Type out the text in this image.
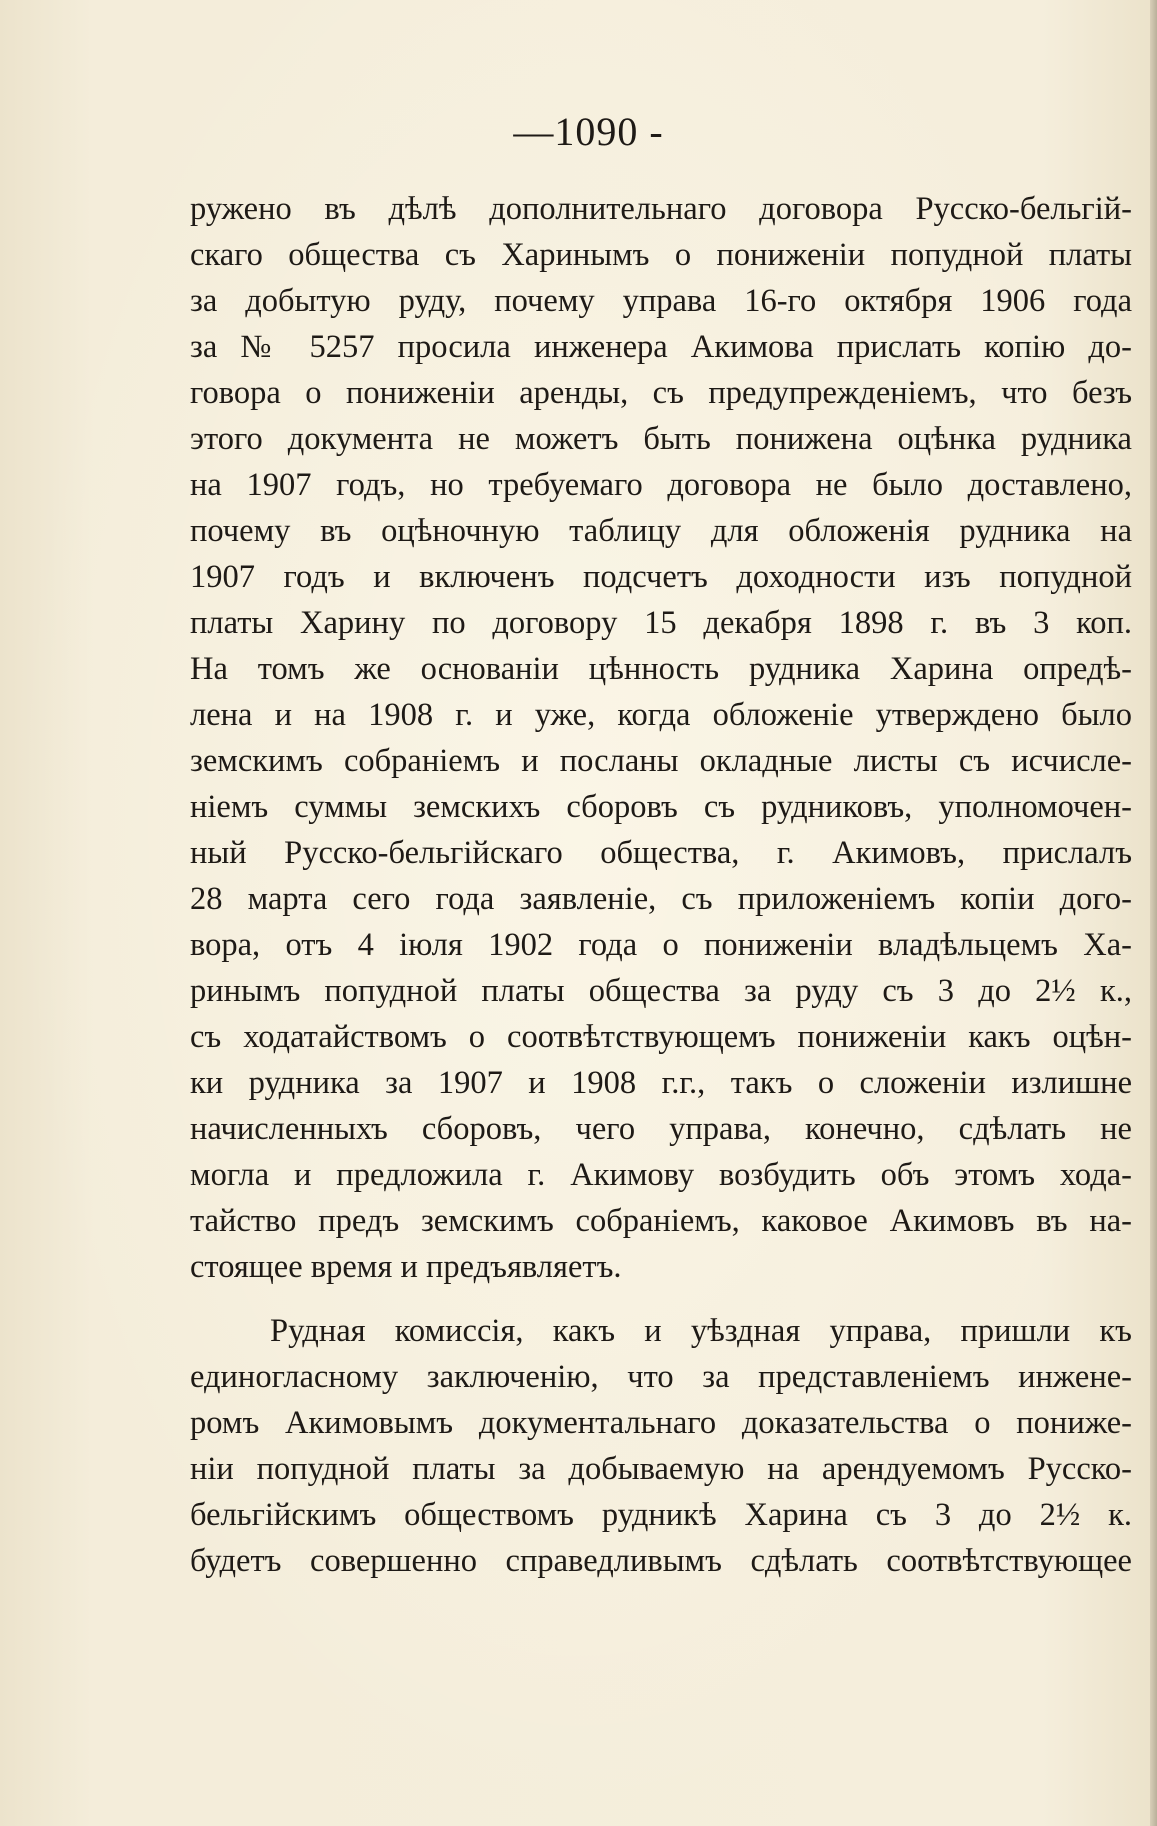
—1090 -
ружено въ дѣлѣ дополнительнаго договора Русско-бельгій-
скаго общества съ Харинымъ о пониженіи попудной платы
за добытую руду, почему управа 16-го октября 1906 года
за № 5257 просила инженера Акимова прислать копію до-
говора о пониженіи аренды, съ предупрежденіемъ, что безъ
этого документа не можетъ быть понижена оцѣнка рудника
на 1907 годъ, но требуемаго договора не было доставлено,
почему въ оцѣночную таблицу для обложенія рудника на
1907 годъ и включенъ подсчетъ доходности изъ попудной
платы Харину по договору 15 декабря 1898 г. въ 3 коп.
На томъ же основаніи цѣнность рудника Харина опредѣ-
лена и на 1908 г. и уже, когда обложеніе утверждено было
земскимъ собраніемъ и посланы окладные листы съ исчисле-
ніемъ суммы земскихъ сборовъ съ рудниковъ, уполномочен-
ный Русско-бельгійскаго общества, г. Акимовъ, прислалъ
28 марта сего года заявленіе, съ приложеніемъ копіи дого-
вора, отъ 4 іюля 1902 года о пониженіи владѣльцемъ Ха-
ринымъ попудной платы общества за руду съ 3 до 2½ к.,
съ ходатайствомъ о соотвѣтствующемъ пониженіи какъ оцѣн-
ки рудника за 1907 и 1908 г.г., такъ о сложеніи излишне
начисленныхъ сборовъ, чего управа, конечно, сдѣлать не
могла и предложила г. Акимову возбудить объ этомъ хода-
тайство предъ земскимъ собраніемъ, каковое Акимовъ въ на-
стоящее время и предъявляетъ.
Рудная комиссія, какъ и уѣздная управа, пришли къ
единогласному заключенію, что за представленіемъ инжене-
ромъ Акимовымъ документальнаго доказательства о пониже-
ніи попудной платы за добываемую на арендуемомъ Русско-
бельгійскимъ обществомъ рудникѣ Харина съ 3 до 2½ к.
будетъ совершенно справедливымъ сдѣлать соотвѣтствующее
